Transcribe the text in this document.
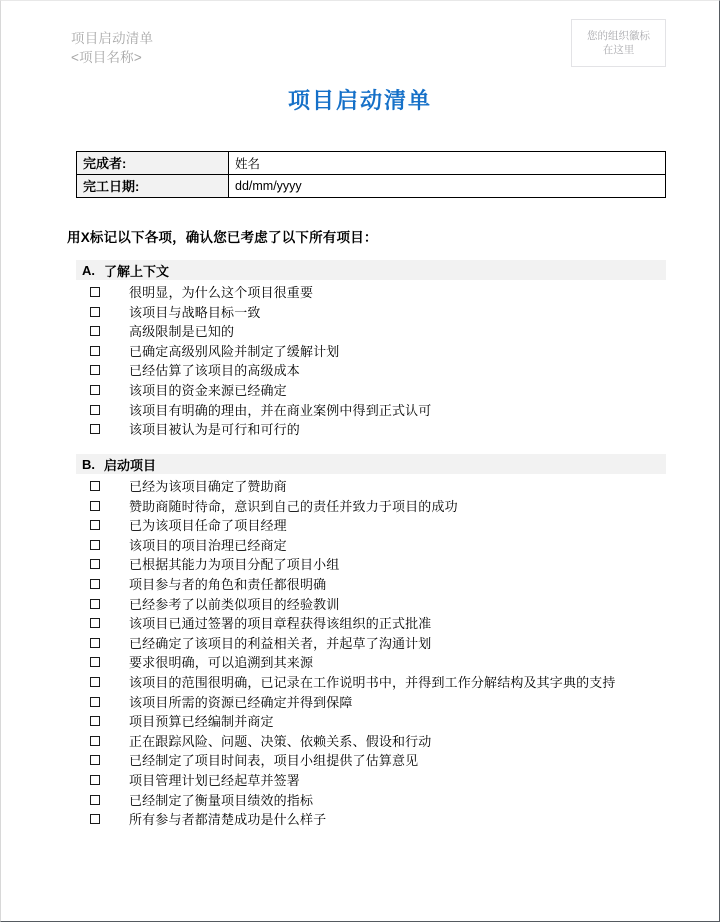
项目启动清单
<项目名称>
您的组织徽标
在这里
项目启动清单
完成者:	姓名
完工日期:	dd/mm/yyyy
用X标记以下各项，确认您已考虑了以下所有项目：
A. 了解上下文
很明显，为什么这个项目很重要
该项目与战略目标一致
高级限制是已知的
已确定高级别风险并制定了缓解计划
已经估算了该项目的高级成本
该项目的资金来源已经确定
该项目有明确的理由，并在商业案例中得到正式认可
该项目被认为是可行和可行的
B. 启动项目
已经为该项目确定了赞助商
赞助商随时待命，意识到自己的责任并致力于项目的成功
已为该项目任命了项目经理
该项目的项目治理已经商定
已根据其能力为项目分配了项目小组
项目参与者的角色和责任都很明确
已经参考了以前类似项目的经验教训
该项目已通过签署的项目章程获得该组织的正式批准
已经确定了该项目的利益相关者，并起草了沟通计划
要求很明确，可以追溯到其来源
该项目的范围很明确，已记录在工作说明书中，并得到工作分解结构及其字典的支持
该项目所需的资源已经确定并得到保障
项目预算已经编制并商定
正在跟踪风险、问题、决策、依赖关系、假设和行动
已经制定了项目时间表，项目小组提供了估算意见
项目管理计划已经起草并签署
已经制定了衡量项目绩效的指标
所有参与者都清楚成功是什么样子
